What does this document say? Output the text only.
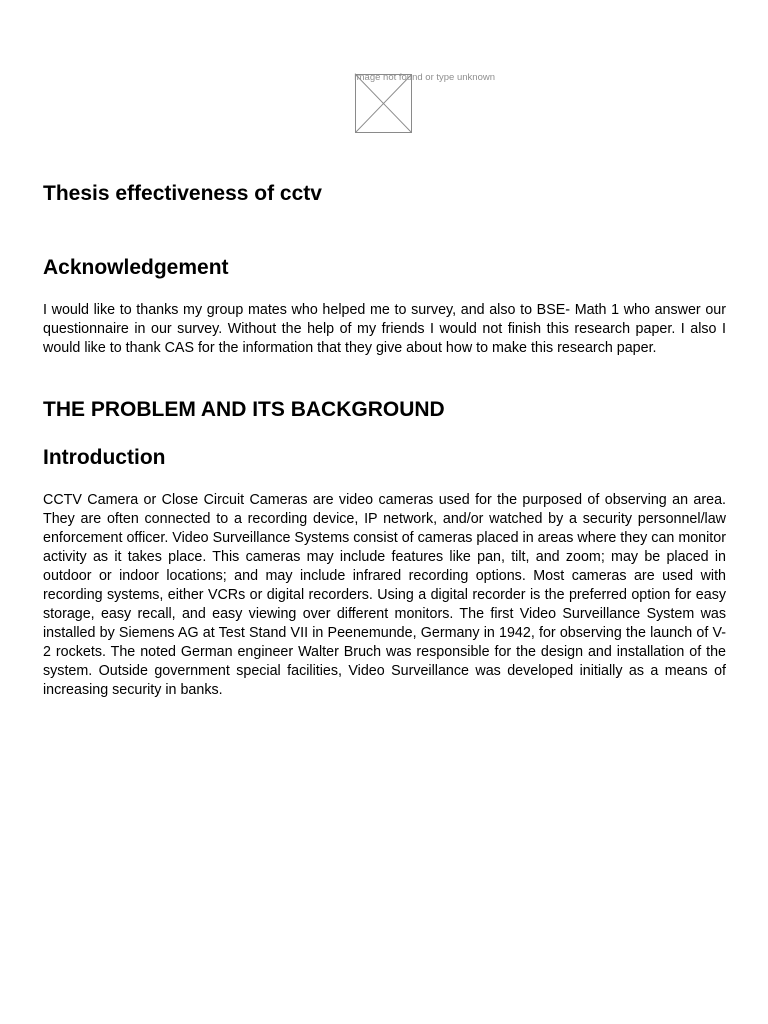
Image not found or type unknown
Thesis effectiveness of cctv
Acknowledgement

I would like to thanks my group mates who helped me to survey, and also to BSE- Math 1 who answer our questionnaire in our survey. Without the help of my friends I would not finish this research paper. I also I would like to thank CAS for the information that they give about how to make this research paper.

THE PROBLEM AND ITS BACKGROUND
Introduction

CCTV Camera or Close Circuit Cameras are video cameras used for the purposed of observing an area. They are often connected to a recording device, IP network, and/or watched by a security personnel/law enforcement officer. Video Surveillance Systems consist of cameras placed in areas where they can monitor activity as it takes place. This cameras may include features like pan, tilt, and zoom; may be placed in outdoor or indoor locations; and may include infrared recording options. Most cameras are used with recording systems, either VCRs or digital recorders. Using a digital recorder is the preferred option for easy storage, easy recall, and easy viewing over different monitors. The first Video Surveillance System was installed by Siemens AG at Test Stand VII in Peenemunde, Germany in 1942, for observing the launch of V-2 rockets. The noted German engineer Walter Bruch was responsible for the design and installation of the system. Outside government special facilities, Video Surveillance was developed initially as a means of increasing security in banks.
